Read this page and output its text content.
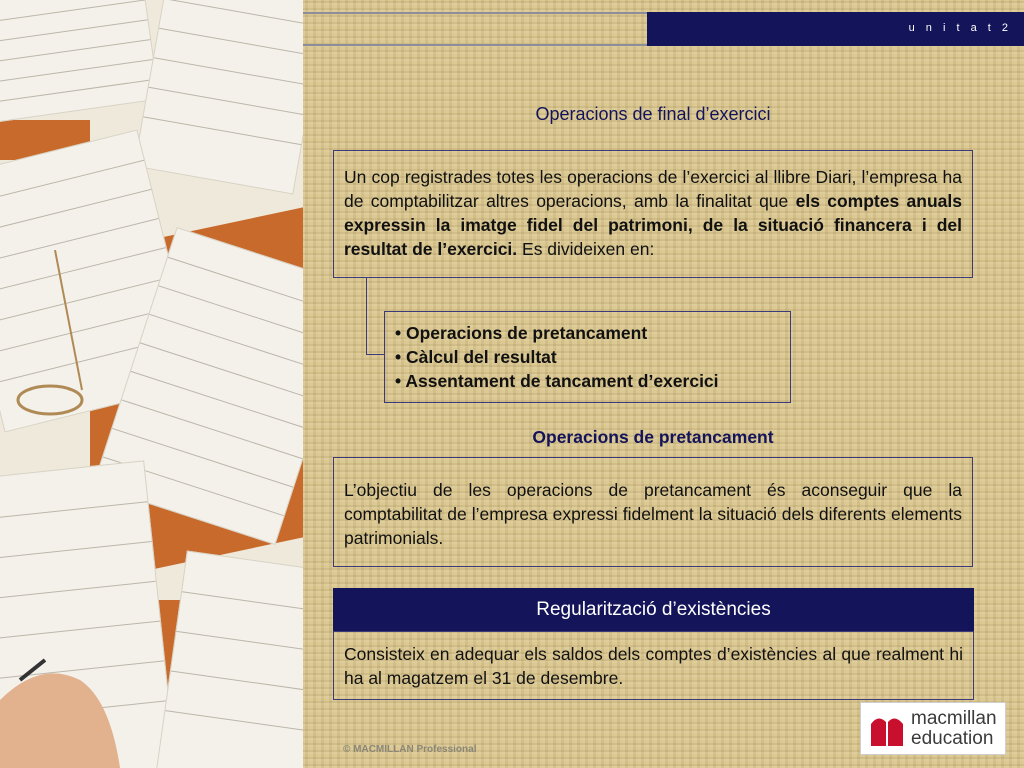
u n i t a t 2
Operacions de final d’exercici
Un cop registrades totes les operacions de l’exercici al llibre Diari, l’empresa ha de comptabilitzar altres operacions, amb la finalitat que els comptes anuals expressin la imatge fidel del patrimoni, de la situació financera i del resultat de l’exercici. Es divideixen en:
• Operacions de pretancament
• Càlcul del resultat
• Assentament de tancament d’exercici
Operacions de pretancament
L’objectiu de les operacions de pretancament és aconseguir que la comptabilitat de l’empresa expressi fidelment la situació dels diferents elements patrimonials.
Regularització d’existències
Consisteix en adequar els saldos dels comptes d’existències al que realment hi ha al magatzem el 31 de desembre.
© MACMILLAN Professional
macmillan
education
